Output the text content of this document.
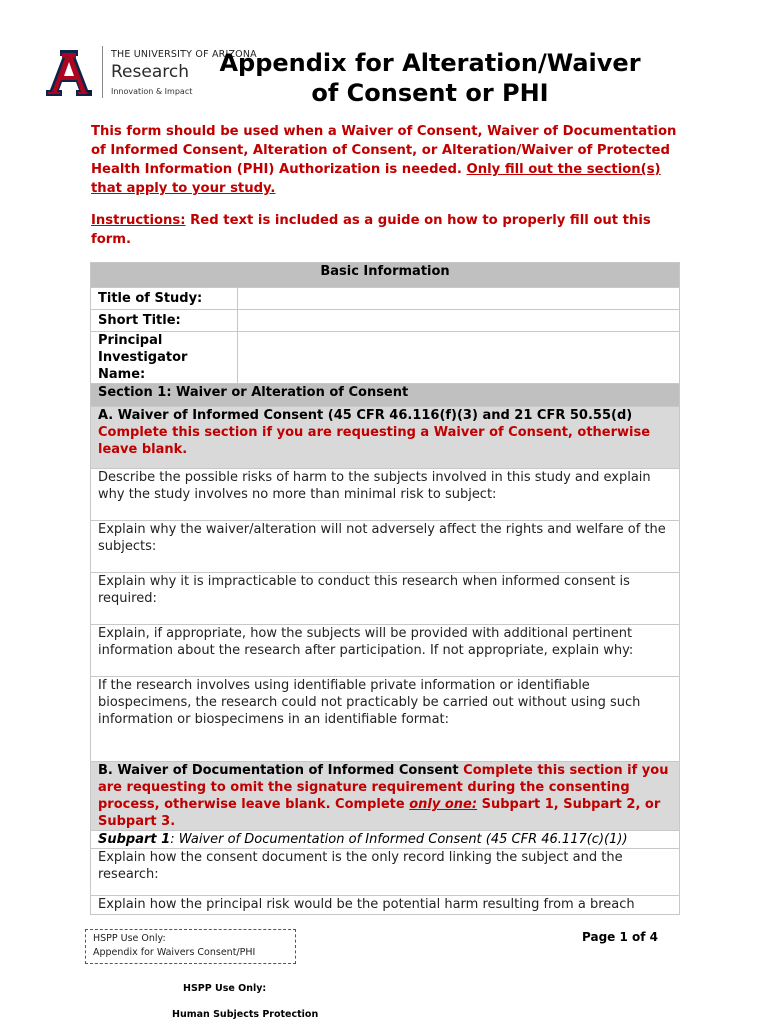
®
THE UNIVERSITY OF ARIZONA
Research
Innovation & Impact
Appendix for Alteration/Waiver
of Consent or PHI
This form should be used when a Waiver of Consent, Waiver of Documentation of Informed Consent, Alteration of Consent, or Alteration/Waiver of Protected Health Information (PHI) Authorization is needed. Only fill out the section(s) that apply to your study.
Instructions: Red text is included as a guide on how to properly fill out this form.
Basic Information	
Title of Study:	
Short Title:	
Principal Investigator Name:	
Section 1: Waiver or Alteration of Consent	
A. Waiver of Informed Consent (45 CFR 46.116(f)(3) and 21 CFR 50.55(d) Complete this section if you are requesting a Waiver of Consent, otherwise leave blank.	
Describe the possible risks of harm to the subjects involved in this study and explain why the study involves no more than minimal risk to subject:	
Explain why the waiver/alteration will not adversely affect the rights and welfare of the subjects:	
Explain why it is impracticable to conduct this research when informed consent is required:	
Explain, if appropriate, how the subjects will be provided with additional pertinent information about the research after participation. If not appropriate, explain why:	
If the research involves using identifiable private information or identifiable biospecimens, the research could not practicably be carried out without using such information or biospecimens in an identifiable format:	
B. Waiver of Documentation of Informed Consent Complete this section if you are requesting to omit the signature requirement during the consenting process, otherwise leave blank. Complete only one: Subpart 1, Subpart 2, or Subpart 3.	
Subpart 1: Waiver of Documentation of Informed Consent (45 CFR 46.117(c)(1))	
Explain how the consent document is the only record linking the subject and the research:	
Explain how the principal risk would be the potential harm resulting from a breach	
HSPP Use Only:
Appendix for Waivers Consent/PHI
Page 1 of 4
HSPP Use Only:
Human Subjects Protection
